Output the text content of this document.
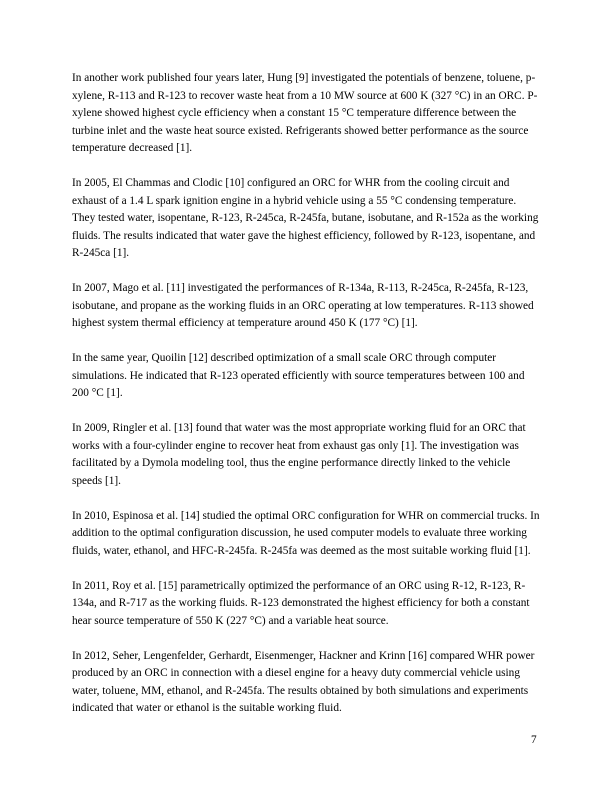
In another work published four years later, Hung [9] investigated the potentials of benzene, toluene, p-xylene, R-113 and R-123 to recover waste heat from a 10 MW source at 600 K (327 °C) in an ORC. P-xylene showed highest cycle efficiency when a constant 15 °C temperature difference between the turbine inlet and the waste heat source existed. Refrigerants showed better performance as the source temperature decreased [1].

In 2005, El Chammas and Clodic [10] configured an ORC for WHR from the cooling circuit and exhaust of a 1.4 L spark ignition engine in a hybrid vehicle using a 55 °C condensing temperature. They tested water, isopentane, R-123, R-245ca, R-245fa, butane, isobutane, and R-152a as the working fluids. The results indicated that water gave the highest efficiency, followed by R-123, isopentane, and R-245ca [1].

In 2007, Mago et al. [11] investigated the performances of R-134a, R-113, R-245ca, R-245fa, R-123, isobutane, and propane as the working fluids in an ORC operating at low temperatures. R-113 showed highest system thermal efficiency at temperature around 450 K (177 °C) [1].

In the same year, Quoilin [12] described optimization of a small scale ORC through computer simulations. He indicated that R-123 operated efficiently with source temperatures between 100 and 200 °C [1].

In 2009, Ringler et al. [13] found that water was the most appropriate working fluid for an ORC that works with a four-cylinder engine to recover heat from exhaust gas only [1]. The investigation was facilitated by a Dymola modeling tool, thus the engine performance directly linked to the vehicle speeds [1].

In 2010, Espinosa et al. [14] studied the optimal ORC configuration for WHR on commercial trucks. In addition to the optimal configuration discussion, he used computer models to evaluate three working fluids, water, ethanol, and HFC-R-245fa. R-245fa was deemed as the most suitable working fluid [1].

In 2011, Roy et al. [15] parametrically optimized the performance of an ORC using R-12, R-123, R-134a, and R-717 as the working fluids. R-123 demonstrated the highest efficiency for both a constant hear source temperature of 550 K (227 °C) and a variable heat source.

In 2012, Seher, Lengenfelder, Gerhardt, Eisenmenger, Hackner and Krinn [16] compared WHR power produced by an ORC in connection with a diesel engine for a heavy duty commercial vehicle using water, toluene, MM, ethanol, and R-245fa. The results obtained by both simulations and experiments indicated that water or ethanol is the suitable working fluid.

7
